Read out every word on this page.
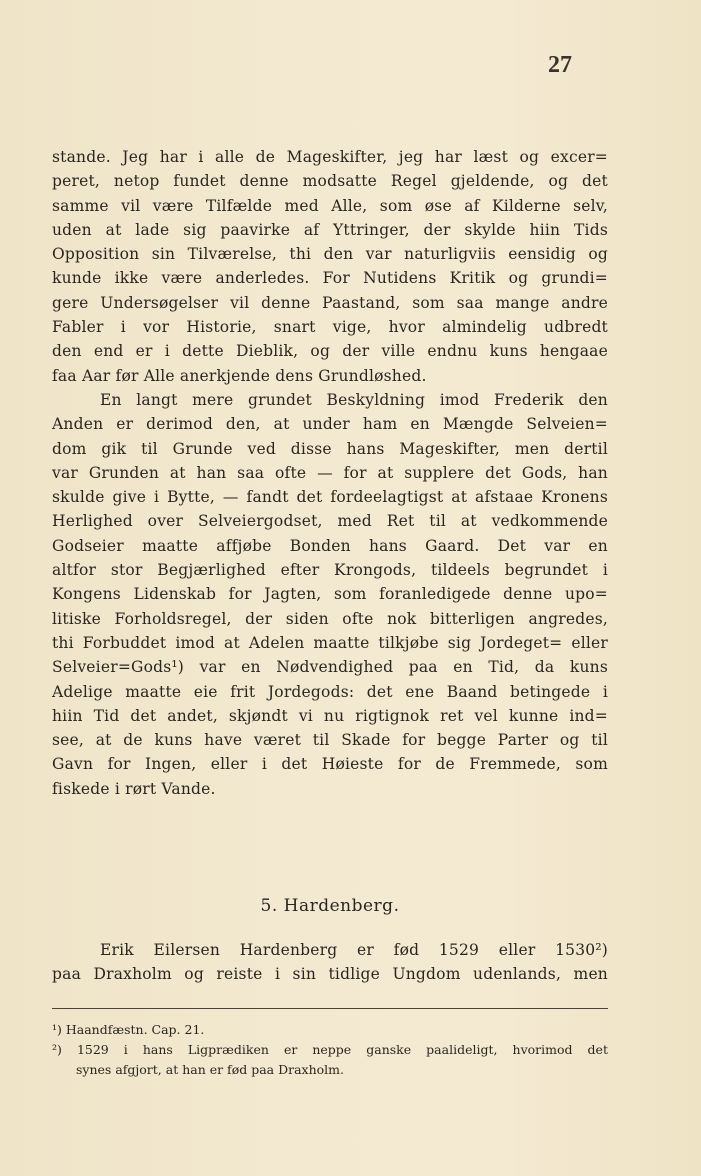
27
stande. Jeg har i alle de Mageskifter, jeg har læst og excer=
peret, netop fundet denne modsatte Regel gjeldende, og det
samme vil være Tilfælde med Alle, som øse af Kilderne selv,
uden at lade sig paavirke af Yttringer, der skylde hiin Tids
Opposition sin Tilværelse, thi den var naturligviis eensidig og
kunde ikke være anderledes. For Nutidens Kritik og grundi=
gere Undersøgelser vil denne Paastand, som saa mange andre
Fabler i vor Historie, snart vige, hvor almindelig udbredt
den end er i dette Dieblik, og der ville endnu kuns hengaae
faa Aar før Alle anerkjende dens Grundløshed.
En langt mere grundet Beskyldning imod Frederik den
Anden er derimod den, at under ham en Mængde Selveien=
dom gik til Grunde ved disse hans Mageskifter, men dertil
var Grunden at han saa ofte — for at supplere det Gods, han
skulde give i Bytte, — fandt det fordeelagtigst at afstaae Kronens
Herlighed over Selveiergodset, med Ret til at vedkommende
Godseier maatte affjøbe Bonden hans Gaard. Det var en
altfor stor Begjærlighed efter Krongods, tildeels begrundet i
Kongens Lidenskab for Jagten, som foranledigede denne upo=
litiske Forholdsregel, der siden ofte nok bitterligen angredes,
thi Forbuddet imod at Adelen maatte tilkjøbe sig Jordeget= eller
Selveier=Gods¹) var en Nødvendighed paa en Tid, da kuns
Adelige maatte eie frit Jordegods: det ene Baand betingede i
hiin Tid det andet, skjøndt vi nu rigtignok ret vel kunne ind=
see, at de kuns have været til Skade for begge Parter og til
Gavn for Ingen, eller i det Høieste for de Fremmede, som
fiskede i rørt Vande.
5. Hardenberg.
Erik Eilersen Hardenberg er fød 1529 eller 1530²)
paa Draxholm og reiste i sin tidlige Ungdom udenlands, men
¹) Haandfæstn. Cap. 21.
²) 1529 i hans Ligprædiken er neppe ganske paalideligt, hvorimod det
synes afgjort, at han er fød paa Draxholm.
